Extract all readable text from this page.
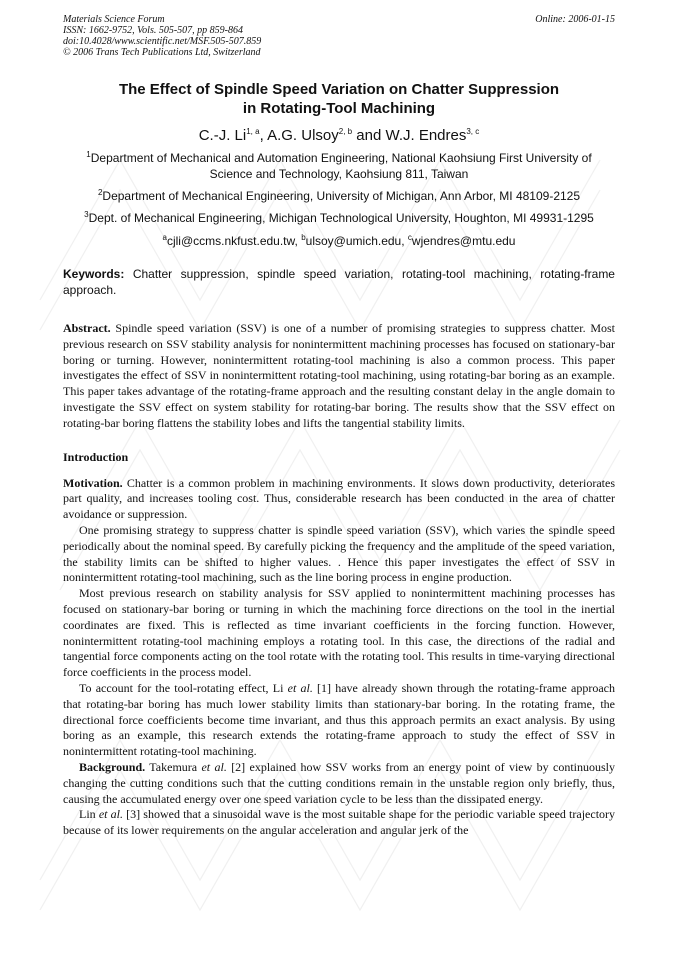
Materials Science Forum
ISSN: 1662-9752, Vols. 505-507, pp 859-864
doi:10.4028/www.scientific.net/MSF.505-507.859
© 2006 Trans Tech Publications Ltd, Switzerland
Online: 2006-01-15
The Effect of Spindle Speed Variation on Chatter Suppression
in Rotating-Tool Machining
C.-J. Li$^{1, a}$, A.G. Ulsoy$^{2, b}$ and W.J. Endres$^{3, c}$
$^1$Department of Mechanical and Automation Engineering, National Kaohsiung First University of Science and Technology, Kaohsiung 811, Taiwan
$^2$Department of Mechanical Engineering, University of Michigan, Ann Arbor, MI 48109-2125
$^3$Dept. of Mechanical Engineering, Michigan Technological University, Houghton, MI 49931-1295
$^a$cjli@ccms.nkfust.edu.tw, $^b$ulsoy@umich.edu, $^c$wjendres@mtu.edu
Keywords: Chatter suppression, spindle speed variation, rotating-tool machining, rotating-frame approach.
Abstract. Spindle speed variation (SSV) is one of a number of promising strategies to suppress chatter. Most previous research on SSV stability analysis for nonintermittent machining processes has focused on stationary-bar boring or turning. However, nonintermittent rotating-tool machining is also a common process. This paper investigates the effect of SSV in nonintermittent rotating-tool machining, using rotating-bar boring as an example. This paper takes advantage of the rotating-frame approach and the resulting constant delay in the angle domain to investigate the SSV effect on system stability for rotating-bar boring. The results show that the SSV effect on rotating-bar boring flattens the stability lobes and lifts the tangential stability limits.
Introduction

Motivation. Chatter is a common problem in machining environments. It slows down productivity, deteriorates part quality, and increases tooling cost. Thus, considerable research has been conducted in the area of chatter avoidance or suppression.

One promising strategy to suppress chatter is spindle speed variation (SSV), which varies the spindle speed periodically about the nominal speed. By carefully picking the frequency and the amplitude of the speed variation, the stability limits can be shifted to higher values. . Hence this paper investigates the effect of SSV in nonintermittent rotating-tool machining, such as the line boring process in engine production.

Most previous research on stability analysis for SSV applied to nonintermittent machining processes has focused on stationary-bar boring or turning in which the machining force directions on the tool in the inertial coordinates are fixed. This is reflected as time invariant coefficients in the forcing function. However, nonintermittent rotating-tool machining employs a rotating tool. In this case, the directions of the radial and tangential force components acting on the tool rotate with the rotating tool. This results in time-varying directional force coefficients in the process model.

To account for the tool-rotating effect, Li et al. [1] have already shown through the rotating-frame approach that rotating-bar boring has much lower stability limits than stationary-bar boring. In the rotating frame, the directional force coefficients become time invariant, and thus this approach permits an exact analysis. By using boring as an example, this research extends the rotating-frame approach to study the effect of SSV in nonintermittent rotating-tool machining.

Background. Takemura et al. [2] explained how SSV works from an energy point of view by continuously changing the cutting conditions such that the cutting conditions remain in the unstable region only briefly, thus, causing the accumulated energy over one speed variation cycle to be less than the dissipated energy.

Lin et al. [3] showed that a sinusoidal wave is the most suitable shape for the periodic variable speed trajectory because of its lower requirements on the angular acceleration and angular jerk of the
